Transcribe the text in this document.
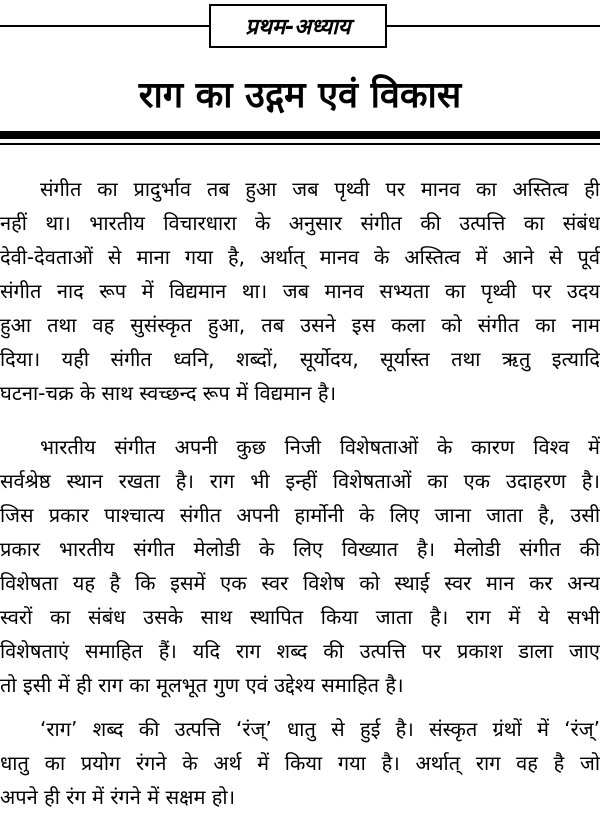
प्रथम-अध्याय
राग का उद्गम एवं विकास
संगीत का प्रादुर्भाव तब हुआ जब पृथ्वी पर मानव का अस्तित्व ही
नहीं था। भारतीय विचारधारा के अनुसार संगीत की उत्पत्ति का संबंध
देवी-देवताओं से माना गया है, अर्थात् मानव के अस्तित्व में आने से पूर्व
संगीत नाद रूप में विद्यमान था। जब मानव सभ्यता का पृथ्वी पर उदय
हुआ तथा वह सुसंस्कृत हुआ, तब उसने इस कला को संगीत का नाम
दिया। यही संगीत ध्वनि, शब्दों, सूर्योदय, सूर्यास्त तथा ऋतु इत्यादि
घटना-चक्र के साथ स्वच्छन्द रूप में विद्यमान है।
भारतीय संगीत अपनी कुछ निजी विशेषताओं के कारण विश्व में
सर्वश्रेष्ठ स्थान रखता है। राग भी इन्हीं विशेषताओं का एक उदाहरण है।
जिस प्रकार पाश्चात्य संगीत अपनी हार्मोनी के लिए जाना जाता है, उसी
प्रकार भारतीय संगीत मेलोडी के लिए विख्यात है। मेलोडी संगीत की
विशेषता यह है कि इसमें एक स्वर विशेष को स्थाई स्वर मान कर अन्य
स्वरों का संबंध उसके साथ स्थापित किया जाता है। राग में ये सभी
विशेषताएं समाहित हैं। यदि राग शब्द की उत्पत्ति पर प्रकाश डाला जाए
तो इसी में ही राग का मूलभूत गुण एवं उद्देश्य समाहित है।
‘राग’ शब्द की उत्पत्ति ‘रंज्’ धातु से हुई है। संस्कृत ग्रंथों में ‘रंज्’
धातु का प्रयोग रंगने के अर्थ में किया गया है। अर्थात् राग वह है जो
अपने ही रंग में रंगने में सक्षम हो।
